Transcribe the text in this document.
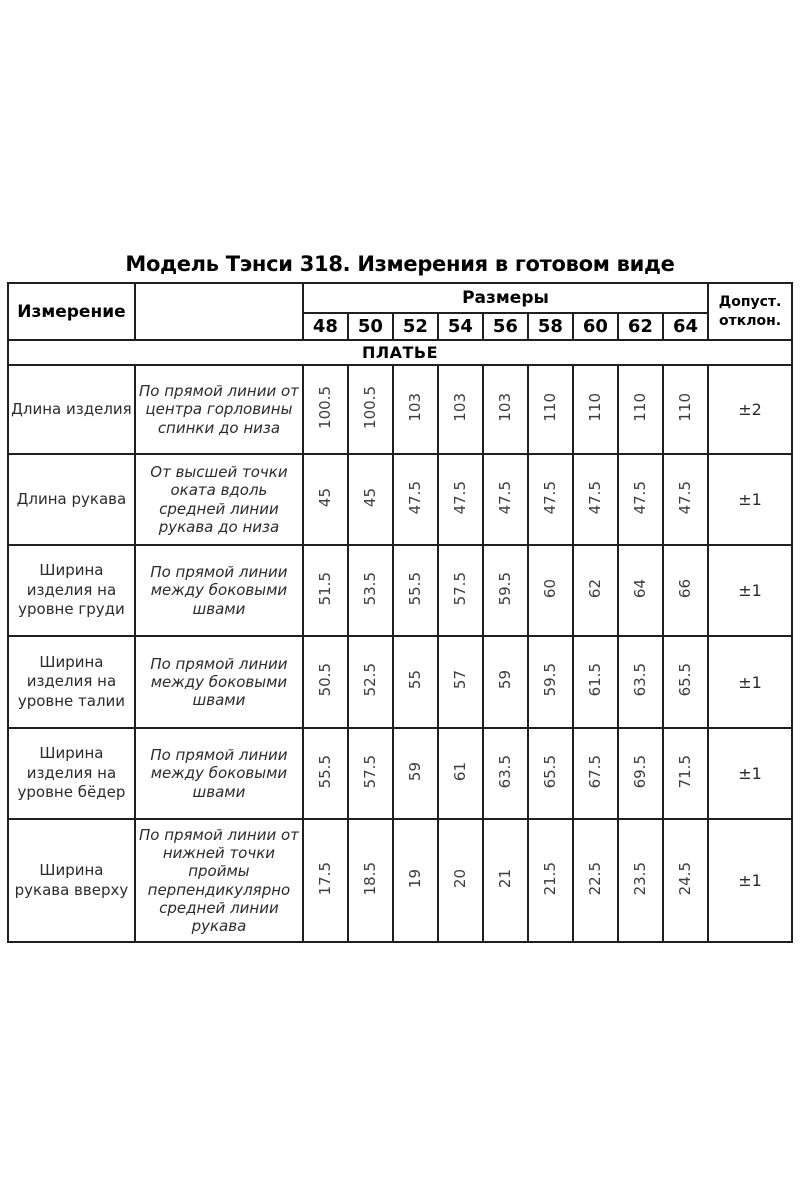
Модель Тэнси 318. Измерения в готовом виде
Измерение		Размеры									Допуст.
отклон.

		48	50	52	54	56	58	60	62	64	
ПЛАТЬЕ											
Длина изделия	По прямой линии от центра горловины спинки до низа	100.5	100.5	103	103	103	110	110	110	110	±2
Длина рукава	От высшей точки оката вдоль средней линии рукава до низа	45	45	47.5	47.5	47.5	47.5	47.5	47.5	47.5	±1
Ширина изделия на уровне груди	По прямой линии между боковыми швами	51.5	53.5	55.5	57.5	59.5	60	62	64	66	±1
Ширина изделия на уровне талии	По прямой линии между боковыми швами	50.5	52.5	55	57	59	59.5	61.5	63.5	65.5	±1
Ширина изделия на уровне бёдер	По прямой линии между боковыми швами	55.5	57.5	59	61	63.5	65.5	67.5	69.5	71.5	±1
Ширина рукава вверху	По прямой линии от нижней точки проймы перпендикулярно средней линии рукава	17.5	18.5	19	20	21	21.5	22.5	23.5	24.5	±1
